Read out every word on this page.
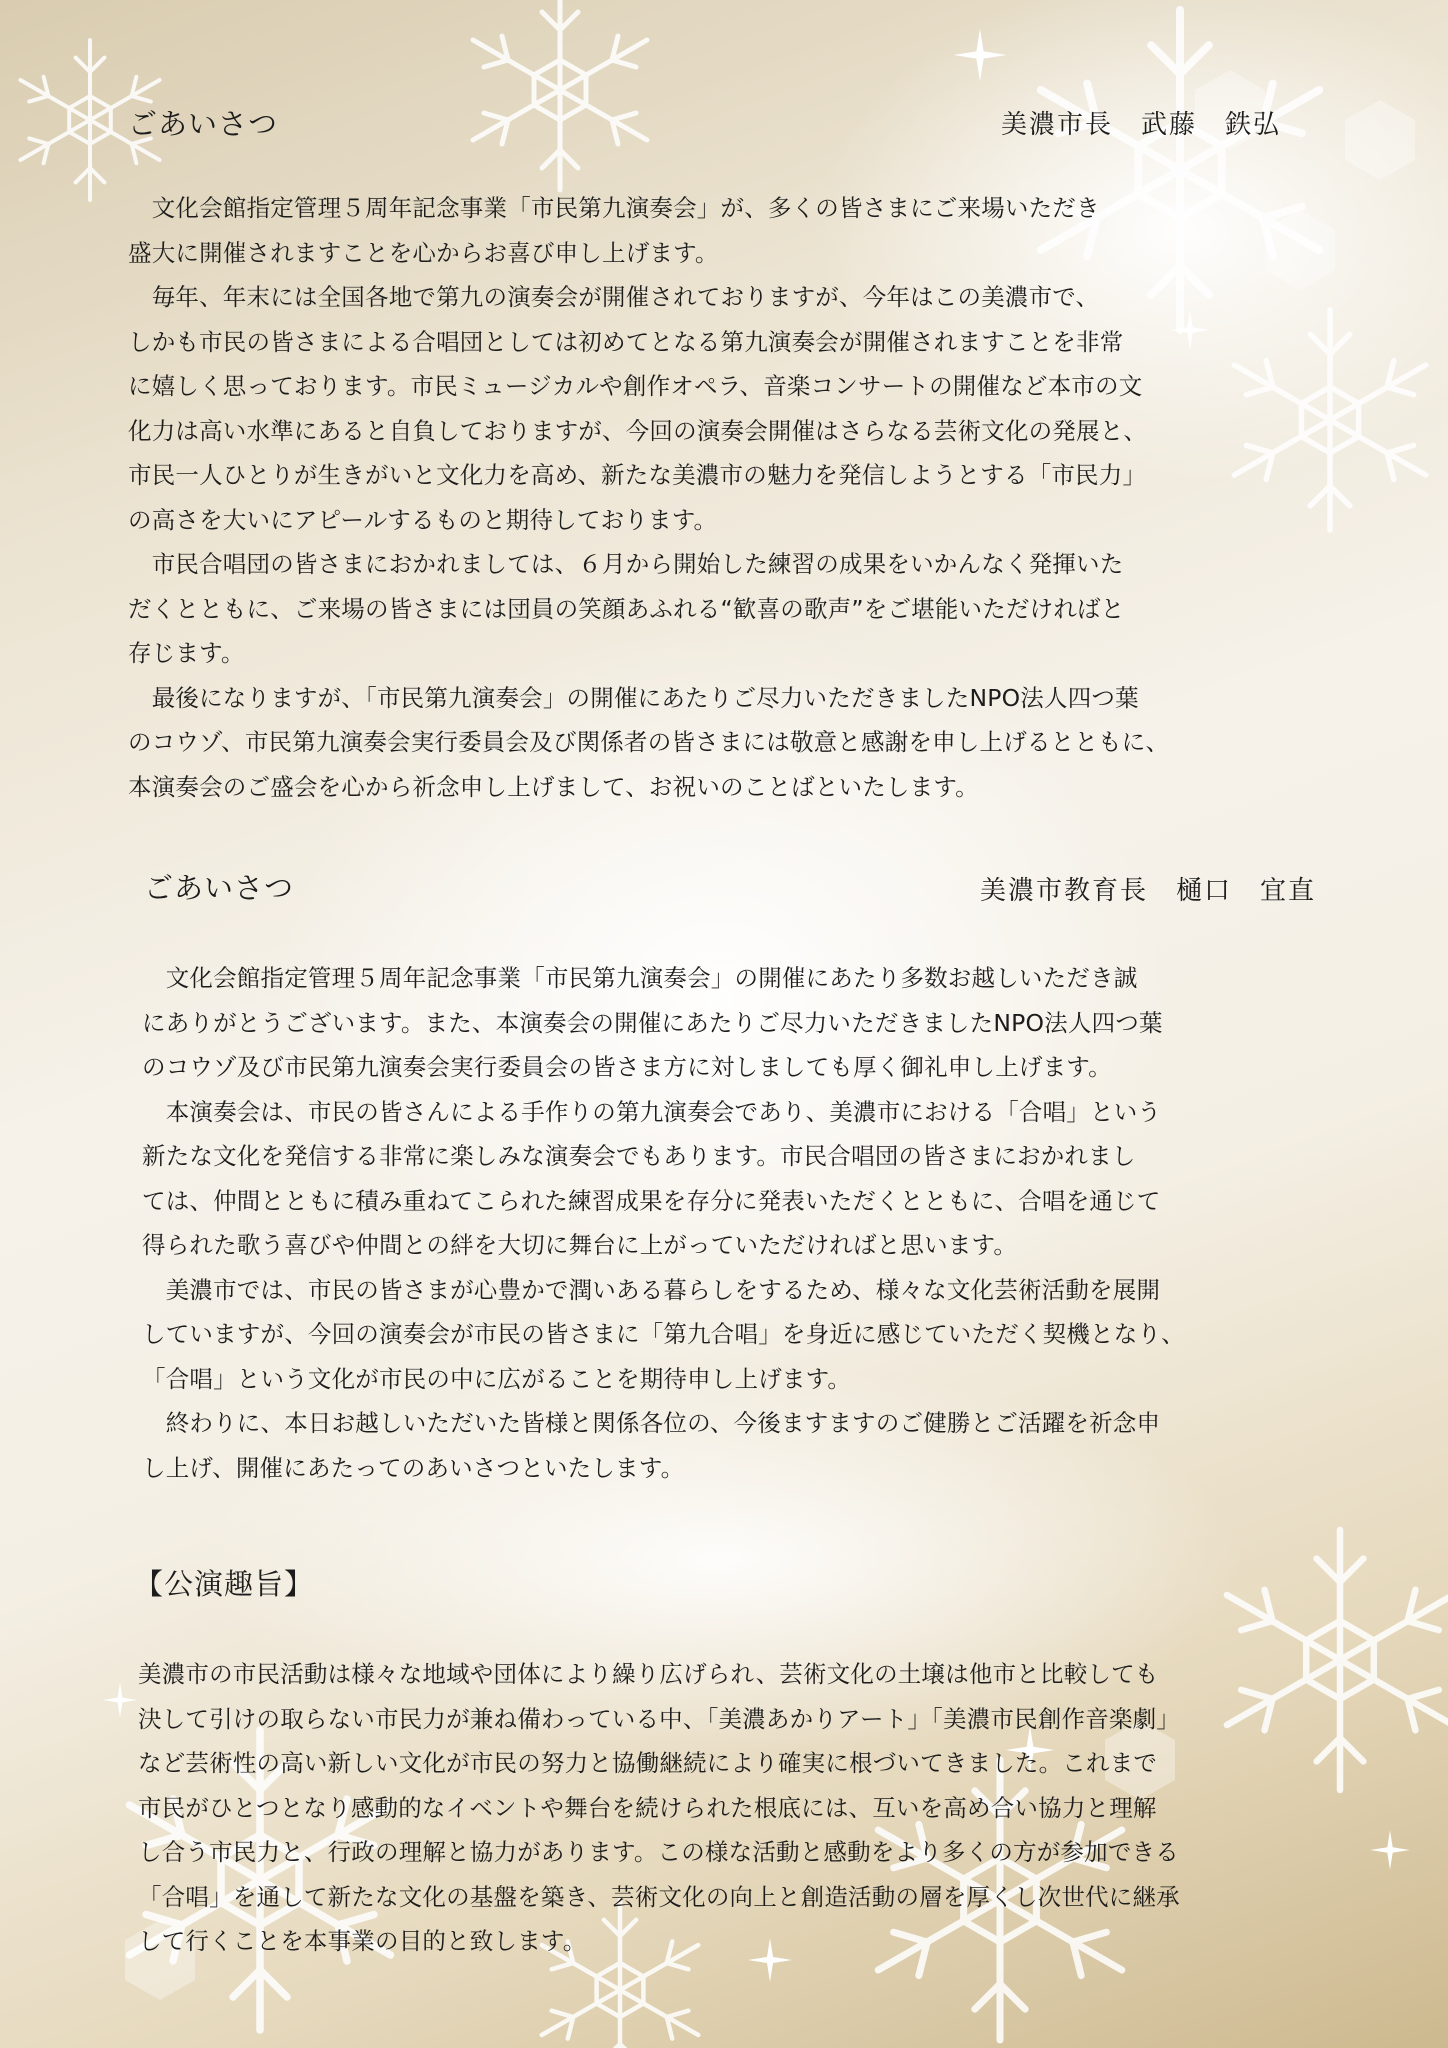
ごあいさつ	美濃市長　武藤　鉄弘

　文化会館指定管理５周年記念事業「市民第九演奏会」が、多くの皆さまにご来場いただき

盛大に開催されますことを心からお喜び申し上げます。

　毎年、年末には全国各地で第九の演奏会が開催されておりますが、今年はこの美濃市で、

しかも市民の皆さまによる合唱団としては初めてとなる第九演奏会が開催されますことを非常

に嬉しく思っております。市民ミュージカルや創作オペラ、音楽コンサートの開催など本市の文

化力は高い水準にあると自負しておりますが、今回の演奏会開催はさらなる芸術文化の発展と、

市民一人ひとりが生きがいと文化力を高め、新たな美濃市の魅力を発信しようとする「市民力」

の高さを大いにアピールするものと期待しております。

　市民合唱団の皆さまにおかれましては、６月から開始した練習の成果をいかんなく発揮いた

だくとともに、ご来場の皆さまには団員の笑顔あふれる“歓喜の歌声”をご堪能いただければと

存じます。

　最後になりますが、「市民第九演奏会」の開催にあたりご尽力いただきましたNPO法人四つ葉

のコウゾ、市民第九演奏会実行委員会及び関係者の皆さまには敬意と感謝を申し上げるとともに、

本演奏会のご盛会を心から祈念申し上げまして、お祝いのことばといたします。

ごあいさつ	美濃市教育長　樋口　宜直

　文化会館指定管理５周年記念事業「市民第九演奏会」の開催にあたり多数お越しいただき誠

にありがとうございます。また、本演奏会の開催にあたりご尽力いただきましたNPO法人四つ葉

のコウゾ及び市民第九演奏会実行委員会の皆さま方に対しましても厚く御礼申し上げます。

　本演奏会は、市民の皆さんによる手作りの第九演奏会であり、美濃市における「合唱」という

新たな文化を発信する非常に楽しみな演奏会でもあります。市民合唱団の皆さまにおかれまし

ては、仲間とともに積み重ねてこられた練習成果を存分に発表いただくとともに、合唱を通じて

得られた歌う喜びや仲間との絆を大切に舞台に上がっていただければと思います。

　美濃市では、市民の皆さまが心豊かで潤いある暮らしをするため、様々な文化芸術活動を展開

していますが、今回の演奏会が市民の皆さまに「第九合唱」を身近に感じていただく契機となり、

「合唱」という文化が市民の中に広がることを期待申し上げます。

　終わりに、本日お越しいただいた皆様と関係各位の、今後ますますのご健勝とご活躍を祈念申

し上げ、開催にあたってのあいさつといたします。

【公演趣旨】

美濃市の市民活動は様々な地域や団体により繰り広げられ、芸術文化の土壌は他市と比較しても

決して引けの取らない市民力が兼ね備わっている中、「美濃あかりアート」「美濃市民創作音楽劇」

など芸術性の高い新しい文化が市民の努力と協働継続により確実に根づいてきました。これまで

市民がひとつとなり感動的なイベントや舞台を続けられた根底には、互いを高め合い協力と理解

し合う市民力と、行政の理解と協力があります。この様な活動と感動をより多くの方が参加できる

「合唱」を通して新たな文化の基盤を築き、芸術文化の向上と創造活動の層を厚くし次世代に継承

して行くことを本事業の目的と致します。
